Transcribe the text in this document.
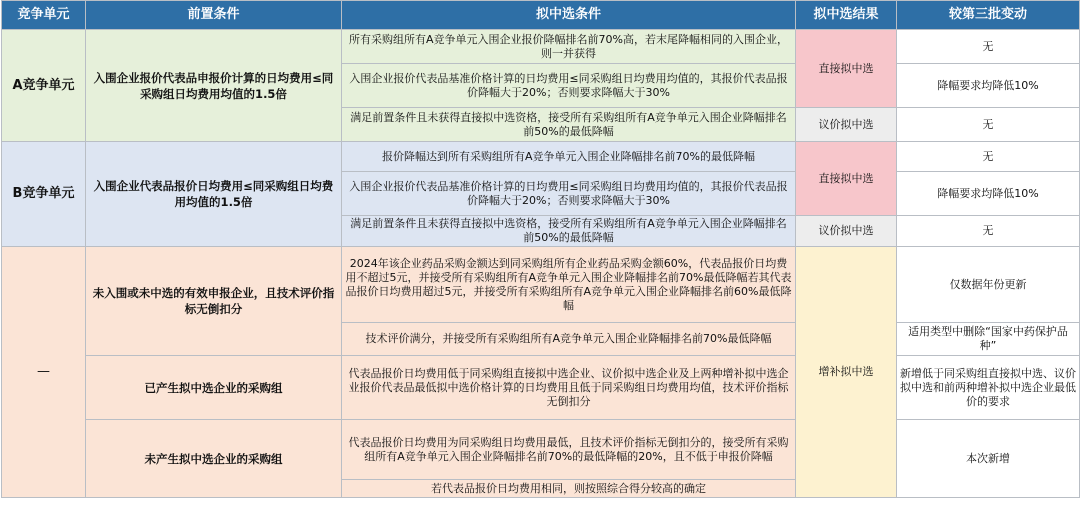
竞争单元	前置条件	拟中选条件	拟中选结果	较第三批变动
A竞争单元	入围企业报价代表品申报价计算的日均费用≤同采购组日均费用均值的1.5倍	所有采购组所有A竞争单元入围企业报价降幅排名前70%高，若末尾降幅相同的入围企业，则一并获得	直接拟中选	无
		入围企业报价代表品基准价格计算的日均费用≤同采购组日均费用均值的，其报价代表品报价降幅大于20%；否则要求降幅大于30%		降幅要求均降低10%
		满足前置条件且未获得直接拟中选资格，接受所有采购组所有A竞争单元入围企业降幅排名前50%的最低降幅	议价拟中选	无
B竞争单元	入围企业代表品报价日均费用≤同采购组日均费用均值的1.5倍	报价降幅达到所有采购组所有A竞争单元入围企业降幅排名前70%的最低降幅	直接拟中选	无
		入围企业报价代表品基准价格计算的日均费用≤同采购组日均费用均值的，其报价代表品报价降幅大于20%；否则要求降幅大于30%		降幅要求均降低10%
		满足前置条件且未获得直接拟中选资格，接受所有采购组所有A竞争单元入围企业降幅排名前50%的最低降幅	议价拟中选	无
—	未入围或未中选的有效申报企业，且技术评价指标无倒扣分	2024年该企业药品采购金额达到同采购组所有企业药品采购金额60%，代表品报价日均费用不超过5元，并接受所有采购组所有A竞争单元入围企业降幅排名前70%最低降幅若其代表品报价日均费用超过5元，并接受所有采购组所有A竞争单元入围企业降幅排名前60%最低降幅	增补拟中选	仅数据年份更新
		技术评价满分，并接受所有采购组所有A竞争单元入围企业降幅排名前70%最低降幅		适用类型中删除“国家中药保护品种”
	已产生拟中选企业的采购组	代表品报价日均费用低于同采购组直接拟中选企业、议价拟中选企业及上两种增补拟中选企业报价代表品最低拟中选价格计算的日均费用且低于同采购组日均费用均值，技术评价指标无倒扣分		新增低于同采购组直接拟中选、议价拟中选和前两种增补拟中选企业最低价的要求
	未产生拟中选企业的采购组	代表品报价日均费用为同采购组日均费用最低，且技术评价指标无倒扣分的，接受所有采购组所有A竞争单元入围企业降幅排名前70%的最低降幅的20%，且不低于申报价降幅		本次新增
		若代表品报价日均费用相同，则按照综合得分较高的确定		
